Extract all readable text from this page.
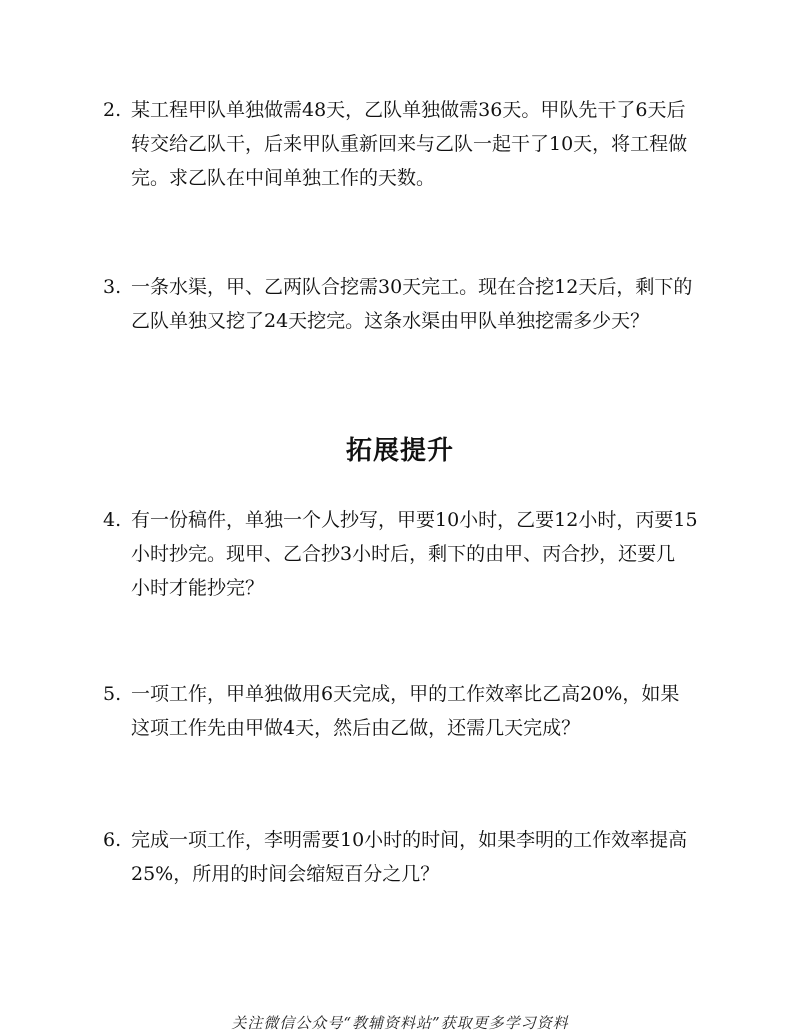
2. 某工程甲队单独做需48天，乙队单独做需36天。甲队先干了6天后
转交给乙队干，后来甲队重新回来与乙队一起干了10天，将工程做
完。求乙队在中间单独工作的天数。
3. 一条水渠，甲、乙两队合挖需30天完工。现在合挖12天后，剩下的
乙队单独又挖了24天挖完。这条水渠由甲队单独挖需多少天？
拓展提升
4. 有一份稿件，单独一个人抄写，甲要10小时，乙要12小时，丙要15
小时抄完。现甲、乙合抄3小时后，剩下的由甲、丙合抄，还要几
小时才能抄完？
5. 一项工作，甲单独做用6天完成，甲的工作效率比乙高20%，如果
这项工作先由甲做4天，然后由乙做，还需几天完成？
6. 完成一项工作，李明需要10小时的时间，如果李明的工作效率提高
25%，所用的时间会缩短百分之几？
关注微信公众号“教辅资料站”获取更多学习资料
